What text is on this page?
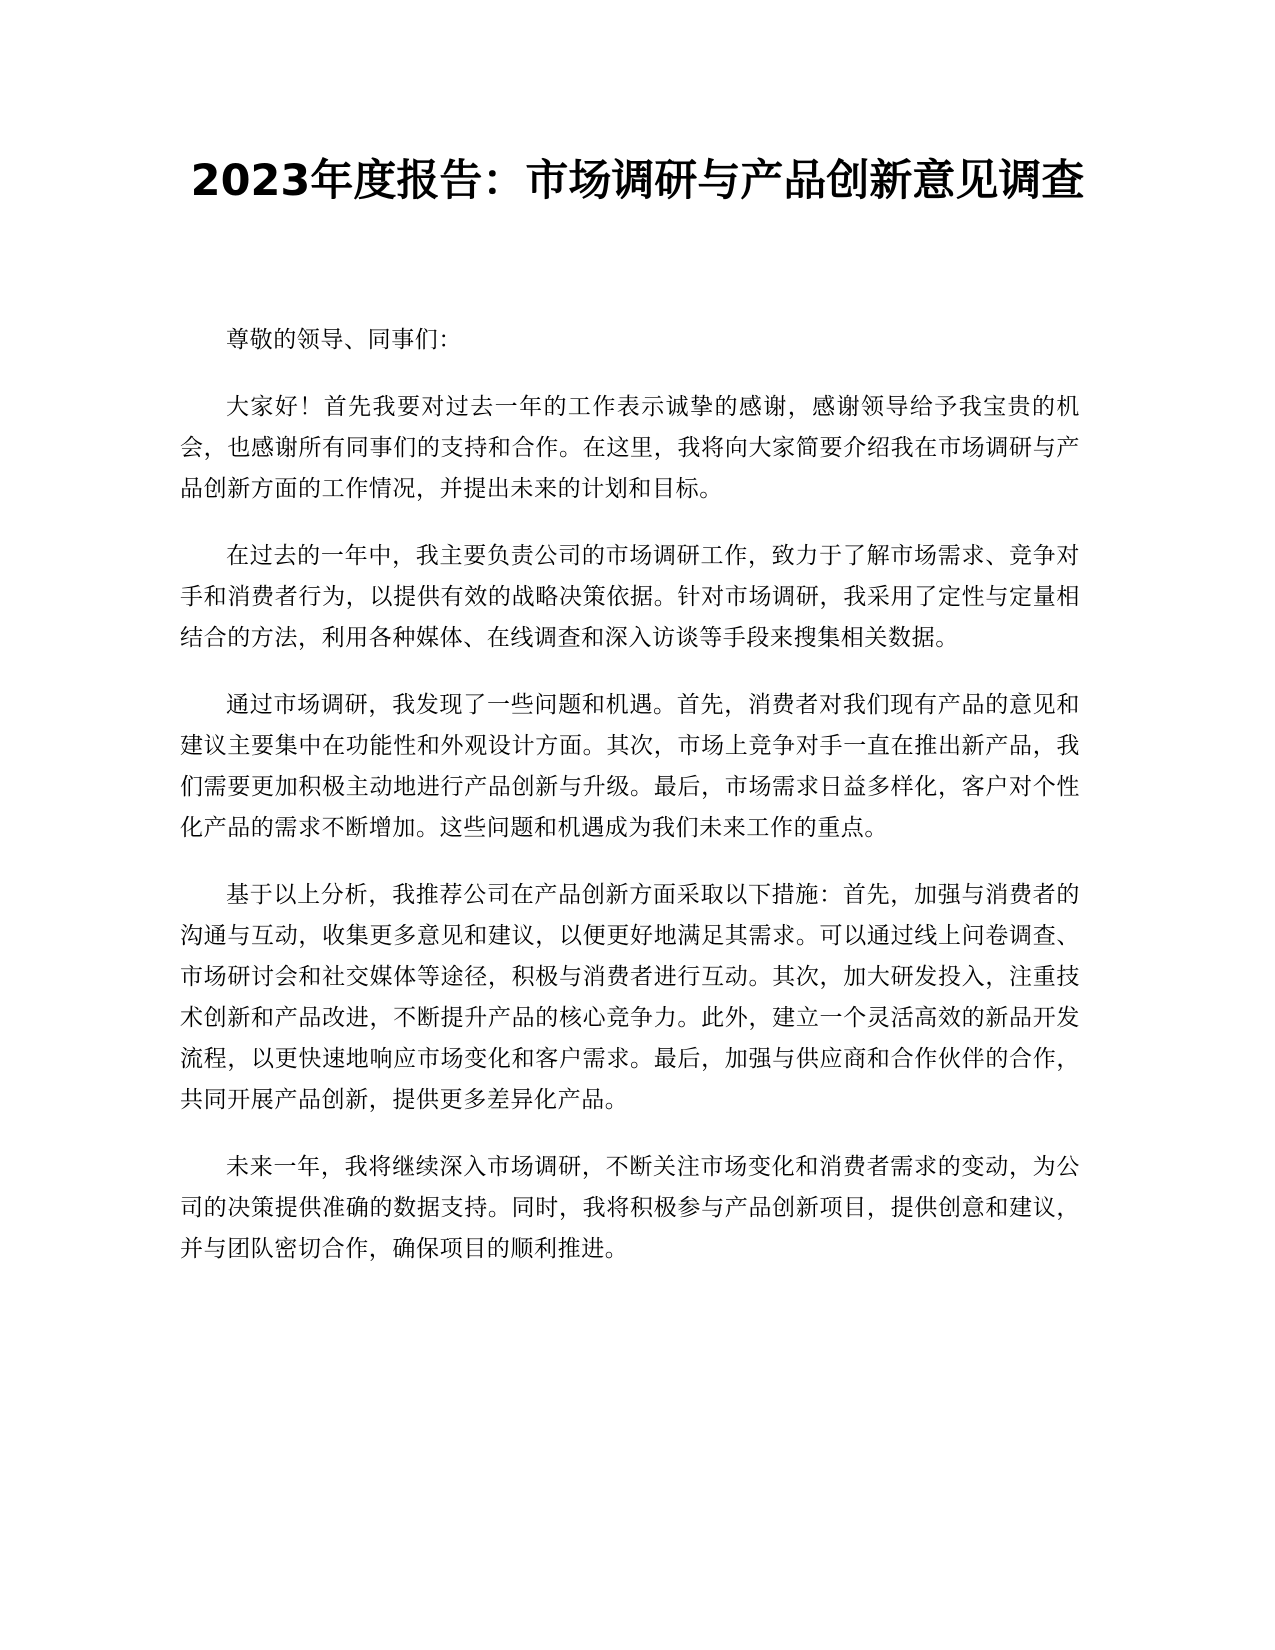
2023年度报告：市场调研与产品创新意见调查

尊敬的领导、同事们：

大家好！首先我要对过去一年的工作表示诚挚的感谢，感谢领导给予我宝贵的机会，也感谢所有同事们的支持和合作。在这里，我将向大家简要介绍我在市场调研与产品创新方面的工作情况，并提出未来的计划和目标。

在过去的一年中，我主要负责公司的市场调研工作，致力于了解市场需求、竞争对手和消费者行为，以提供有效的战略决策依据。针对市场调研，我采用了定性与定量相结合的方法，利用各种媒体、在线调查和深入访谈等手段来搜集相关数据。

通过市场调研，我发现了一些问题和机遇。首先，消费者对我们现有产品的意见和建议主要集中在功能性和外观设计方面。其次，市场上竞争对手一直在推出新产品，我们需要更加积极主动地进行产品创新与升级。最后，市场需求日益多样化，客户对个性化产品的需求不断增加。这些问题和机遇成为我们未来工作的重点。

基于以上分析，我推荐公司在产品创新方面采取以下措施：首先，加强与消费者的沟通与互动，收集更多意见和建议，以便更好地满足其需求。可以通过线上问卷调查、市场研讨会和社交媒体等途径，积极与消费者进行互动。其次，加大研发投入，注重技术创新和产品改进，不断提升产品的核心竞争力。此外，建立一个灵活高效的新品开发流程，以更快速地响应市场变化和客户需求。最后，加强与供应商和合作伙伴的合作，共同开展产品创新，提供更多差异化产品。

未来一年，我将继续深入市场调研，不断关注市场变化和消费者需求的变动，为公司的决策提供准确的数据支持。同时，我将积极参与产品创新项目，提供创意和建议，并与团队密切合作，确保项目的顺利推进。
